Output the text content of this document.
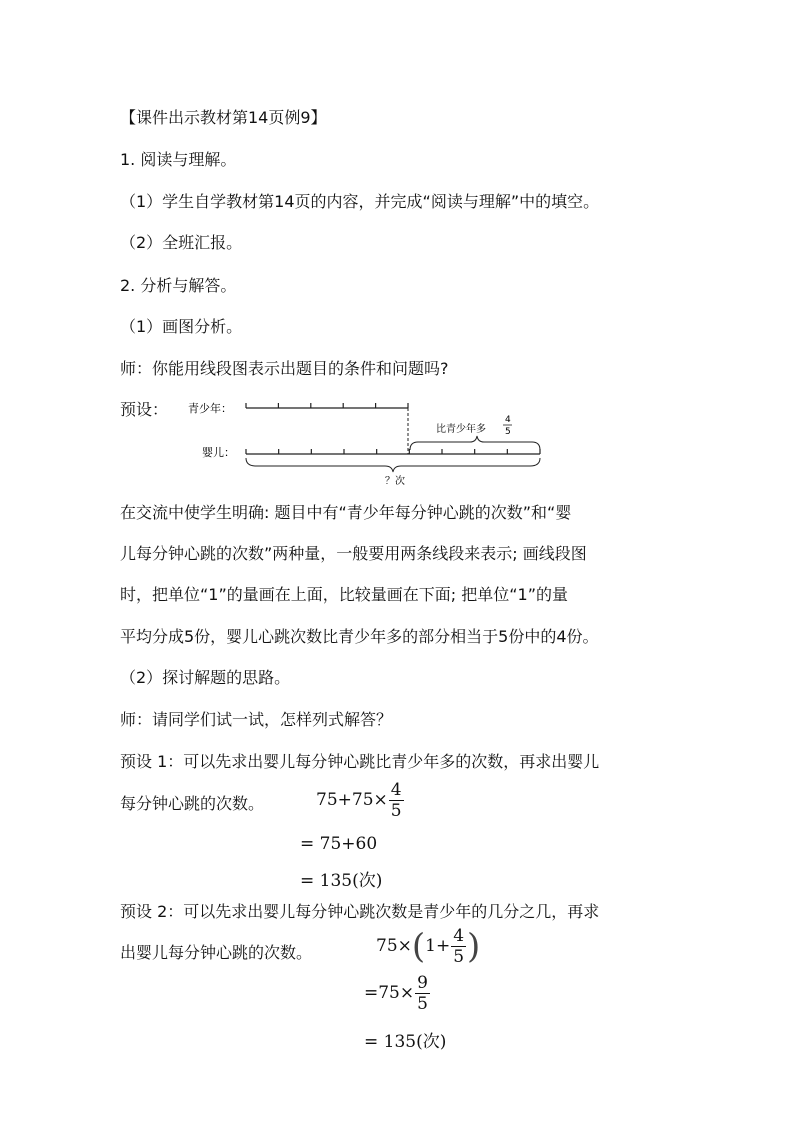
【课件出示教材第14页例9】
1. 阅读与理解。
（1）学生自学教材第14页的内容，并完成“阅读与理解”中的填空。
（2）全班汇报。
2. 分析与解答。
（1）画图分析。
师：你能用线段图表示出题目的条件和问题吗?
预设： 青少年：
婴儿：
比青少年多
4
5
？次
在交流中使学生明确: 题目中有“青少年每分钟心跳的次数”和“婴
儿每分钟心跳的次数”两种量，一般要用两条线段来表示; 画线段图
时，把单位“1”的量画在上面，比较量画在下面; 把单位“1”的量
平均分成5份，婴儿心跳次数比青少年多的部分相当于5份中的4份。
（2）探讨解题的思路。
师：请同学们试一试，怎样列式解答？
预设 1：可以先求出婴儿每分钟心跳比青少年多的次数，再求出婴儿
每分钟心跳的次数。	$75+75\times \frac{4}{5}$
= 75+60
= 135(次)
预设 2：可以先求出婴儿每分钟心跳次数是青少年的几分之几，再求
出婴儿每分钟心跳的次数。	$75\times(1+ \frac{4}{5}$ )
$=75\times \frac{9}{5}$
= 135(次)
